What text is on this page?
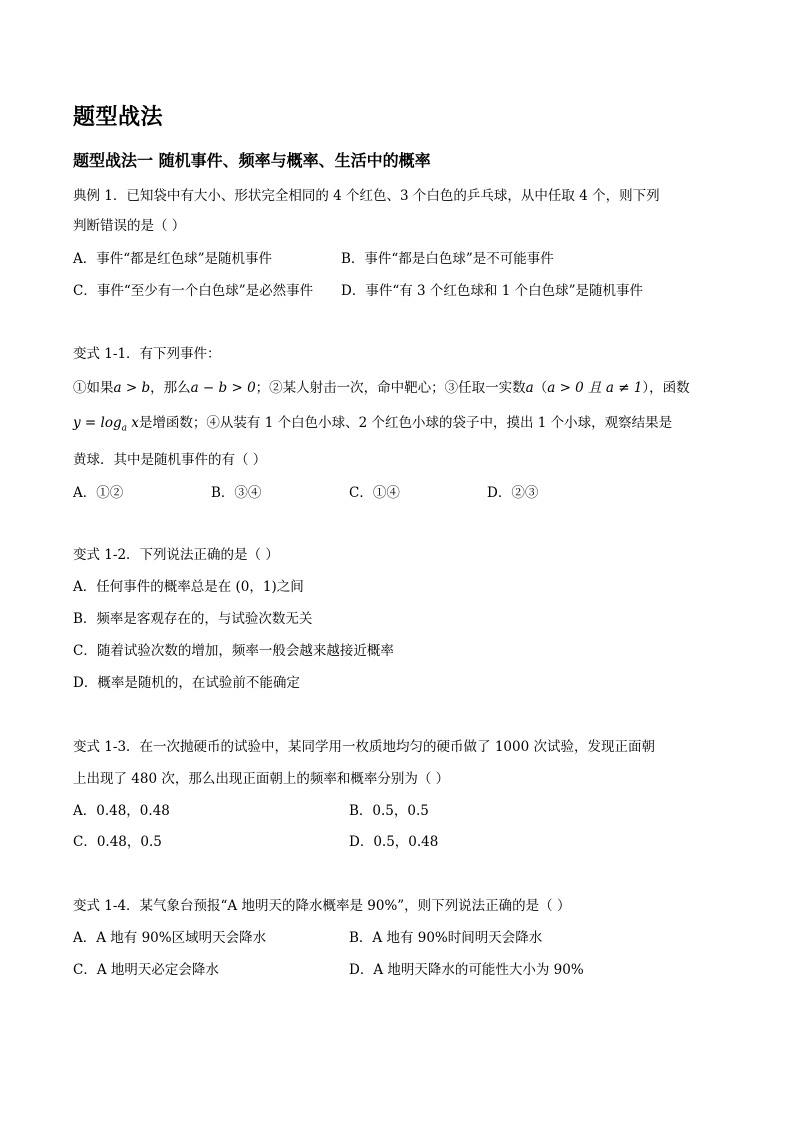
题型战法
题型战法一 随机事件、频率与概率、生活中的概率
典例 1．已知袋中有大小、形状完全相同的 4 个红色、3 个白色的乒乓球，从中任取 4 个，则下列
判断错误的是（ ）
A．事件“都是红色球”是随机事件	B．事件“都是白色球”是不可能事件
C．事件“至少有一个白色球”是必然事件 D．事件“有 3 个红色球和 1 个白色球”是随机事件
变式 1-1．有下列事件：
①如果a > b，那么a − b > 0；②某人射击一次，命中靶心；③任取一实数a（a > 0 且 a ≠ 1），函数
$y = \log_a x$是增函数；④从装有 1 个白色小球、2 个红色小球的袋子中，摸出 1 个小球，观察结果是
黄球．其中是随机事件的有（ ）
A．①②	B．③④	C．①④	D．②③
变式 1-2．下列说法正确的是（ ）
A．任何事件的概率总是在 (0，1)之间
B．频率是客观存在的，与试验次数无关
C．随着试验次数的增加，频率一般会越来越接近概率
D．概率是随机的，在试验前不能确定
变式 1-3．在一次抛硬币的试验中，某同学用一枚质地均匀的硬币做了 1000 次试验，发现正面朝
上出现了 480 次，那么出现正面朝上的频率和概率分别为（ ）
A．0.48，0.48	B．0.5，0.5
C．0.48，0.5	D．0.5，0.48
变式 1-4．某气象台预报“A 地明天的降水概率是 90%”，则下列说法正确的是（ ）
A．A 地有 90%区域明天会降水	B．A 地有 90%时间明天会降水
C．A 地明天必定会降水	D．A 地明天降水的可能性大小为 90%
